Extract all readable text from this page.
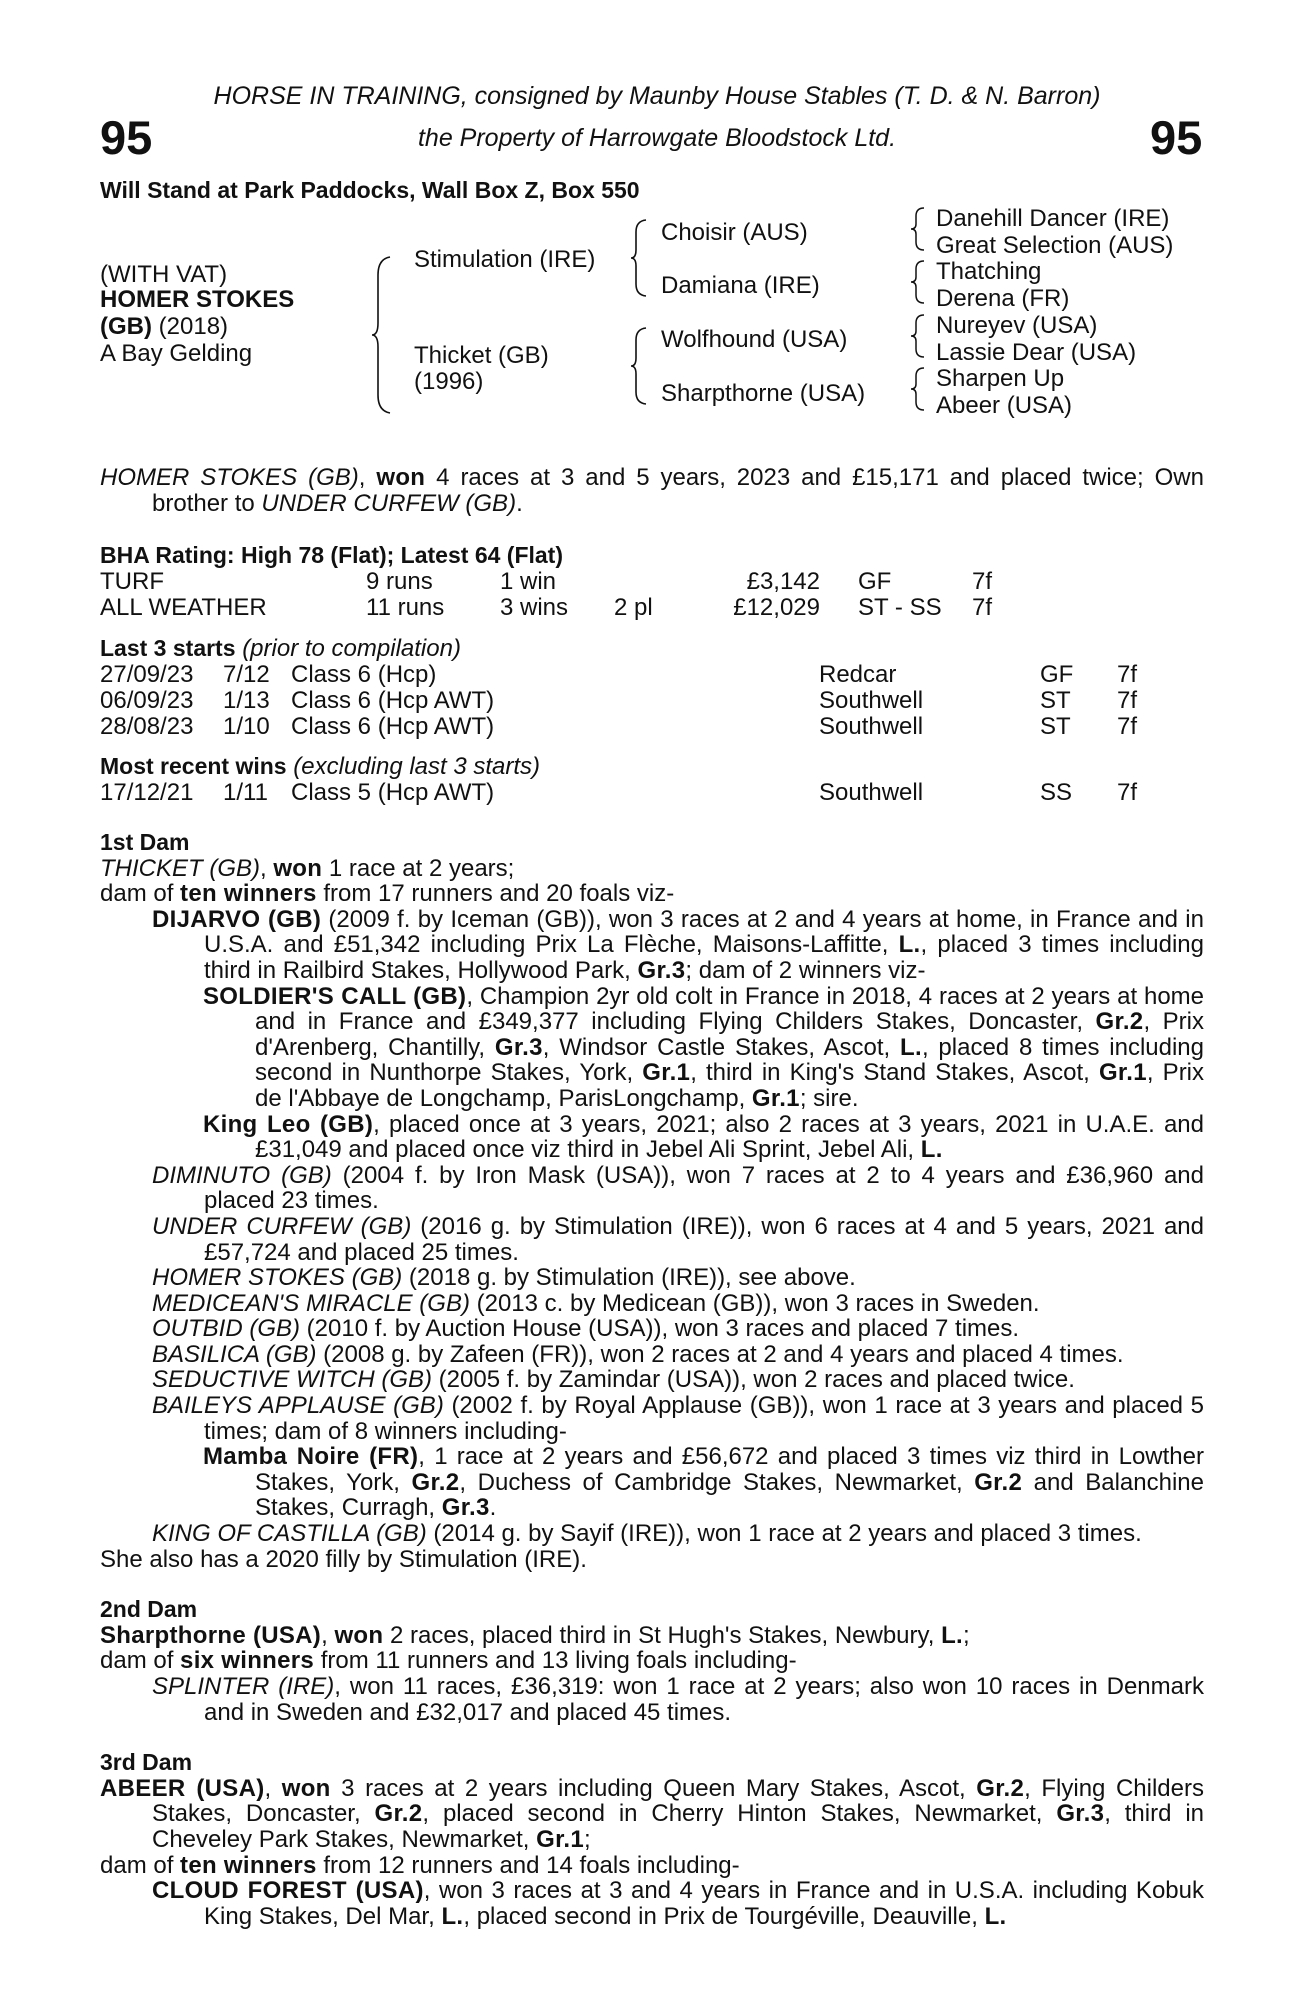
HORSE IN TRAINING, consigned by Maunby House Stables (T. D. & N. Barron)
the Property of Harrowgate Bloodstock Ltd.
95	95
Will Stand at Park Paddocks, Wall Box Z, Box 550
(WITH VAT)
HOMER STOKES
(GB) (2018)
A Bay Gelding
Stimulation (IRE)
Thicket (GB)
(1996)
Choisir (AUS)
Damiana (IRE)
Wolfhound (USA)
Sharpthorne (USA)
Danehill Dancer (IRE)
Great Selection (AUS)
Thatching
Derena (FR)
Nureyev (USA)
Lassie Dear (USA)
Sharpen Up
Abeer (USA)

HOMER STOKES (GB), won 4 races at 3 and 5 years, 2023 and £15,171 and placed twice; Own brother to UNDER CURFEW (GB).

BHA Rating: High 78 (Flat); Latest 64 (Flat)
TURF	9 runs	1 win	£3,142 GF	7f
ALL WEATHER	11 runs 3 wins 2 pl	£12,029 ST - SS 7f
Last 3 starts (prior to compilation)
27/09/23 7/12 Class 6 (Hcp)	Redcar	GF 7f
06/09/23 1/13 Class 6 (Hcp AWT)	Southwell	ST 7f
28/08/23 1/10 Class 6 (Hcp AWT)	Southwell	ST 7f
Most recent wins (excluding last 3 starts)
17/12/21 1/11 Class 5 (Hcp AWT)	Southwell	SS 7f

1st Dam

THICKET (GB), won 1 race at 2 years;

dam of ten winners from 17 runners and 20 foals viz-

DIJARVO (GB) (2009 f. by Iceman (GB)), won 3 races at 2 and 4 years at home, in France and in U.S.A. and £51,342 including Prix La Flèche, Maisons-Laffitte, L., placed 3 times including third in Railbird Stakes, Hollywood Park, Gr.3; dam of 2 winners viz-

SOLDIER'S CALL (GB), Champion 2yr old colt in France in 2018, 4 races at 2 years at home and in France and £349,377 including Flying Childers Stakes, Doncaster, Gr.2, Prix d'Arenberg, Chantilly, Gr.3, Windsor Castle Stakes, Ascot, L., placed 8 times including second in Nunthorpe Stakes, York, Gr.1, third in King's Stand Stakes, Ascot, Gr.1, Prix de l'Abbaye de Longchamp, ParisLongchamp, Gr.1; sire.

King Leo (GB), placed once at 3 years, 2021; also 2 races at 3 years, 2021 in U.A.E. and £31,049 and placed once viz third in Jebel Ali Sprint, Jebel Ali, L.

DIMINUTO (GB) (2004 f. by Iron Mask (USA)), won 7 races at 2 to 4 years and £36,960 and placed 23 times.

UNDER CURFEW (GB) (2016 g. by Stimulation (IRE)), won 6 races at 4 and 5 years, 2021 and £57,724 and placed 25 times.

HOMER STOKES (GB) (2018 g. by Stimulation (IRE)), see above.

MEDICEAN'S MIRACLE (GB) (2013 c. by Medicean (GB)), won 3 races in Sweden.

OUTBID (GB) (2010 f. by Auction House (USA)), won 3 races and placed 7 times.

BASILICA (GB) (2008 g. by Zafeen (FR)), won 2 races at 2 and 4 years and placed 4 times.

SEDUCTIVE WITCH (GB) (2005 f. by Zamindar (USA)), won 2 races and placed twice.

BAILEYS APPLAUSE (GB) (2002 f. by Royal Applause (GB)), won 1 race at 3 years and placed 5 times; dam of 8 winners including-

Mamba Noire (FR), 1 race at 2 years and £56,672 and placed 3 times viz third in Lowther Stakes, York, Gr.2, Duchess of Cambridge Stakes, Newmarket, Gr.2 and Balanchine Stakes, Curragh, Gr.3.

KING OF CASTILLA (GB) (2014 g. by Sayif (IRE)), won 1 race at 2 years and placed 3 times.

She also has a 2020 filly by Stimulation (IRE).

2nd Dam

Sharpthorne (USA), won 2 races, placed third in St Hugh's Stakes, Newbury, L.;

dam of six winners from 11 runners and 13 living foals including-

SPLINTER (IRE), won 11 races, £36,319: won 1 race at 2 years; also won 10 races in Denmark and in Sweden and £32,017 and placed 45 times.

3rd Dam

ABEER (USA), won 3 races at 2 years including Queen Mary Stakes, Ascot, Gr.2, Flying Childers Stakes, Doncaster, Gr.2, placed second in Cherry Hinton Stakes, Newmarket, Gr.3, third in Cheveley Park Stakes, Newmarket, Gr.1;

dam of ten winners from 12 runners and 14 foals including-

CLOUD FOREST (USA), won 3 races at 3 and 4 years in France and in U.S.A. including Kobuk King Stakes, Del Mar, L., placed second in Prix de Tourgéville, Deauville, L.
